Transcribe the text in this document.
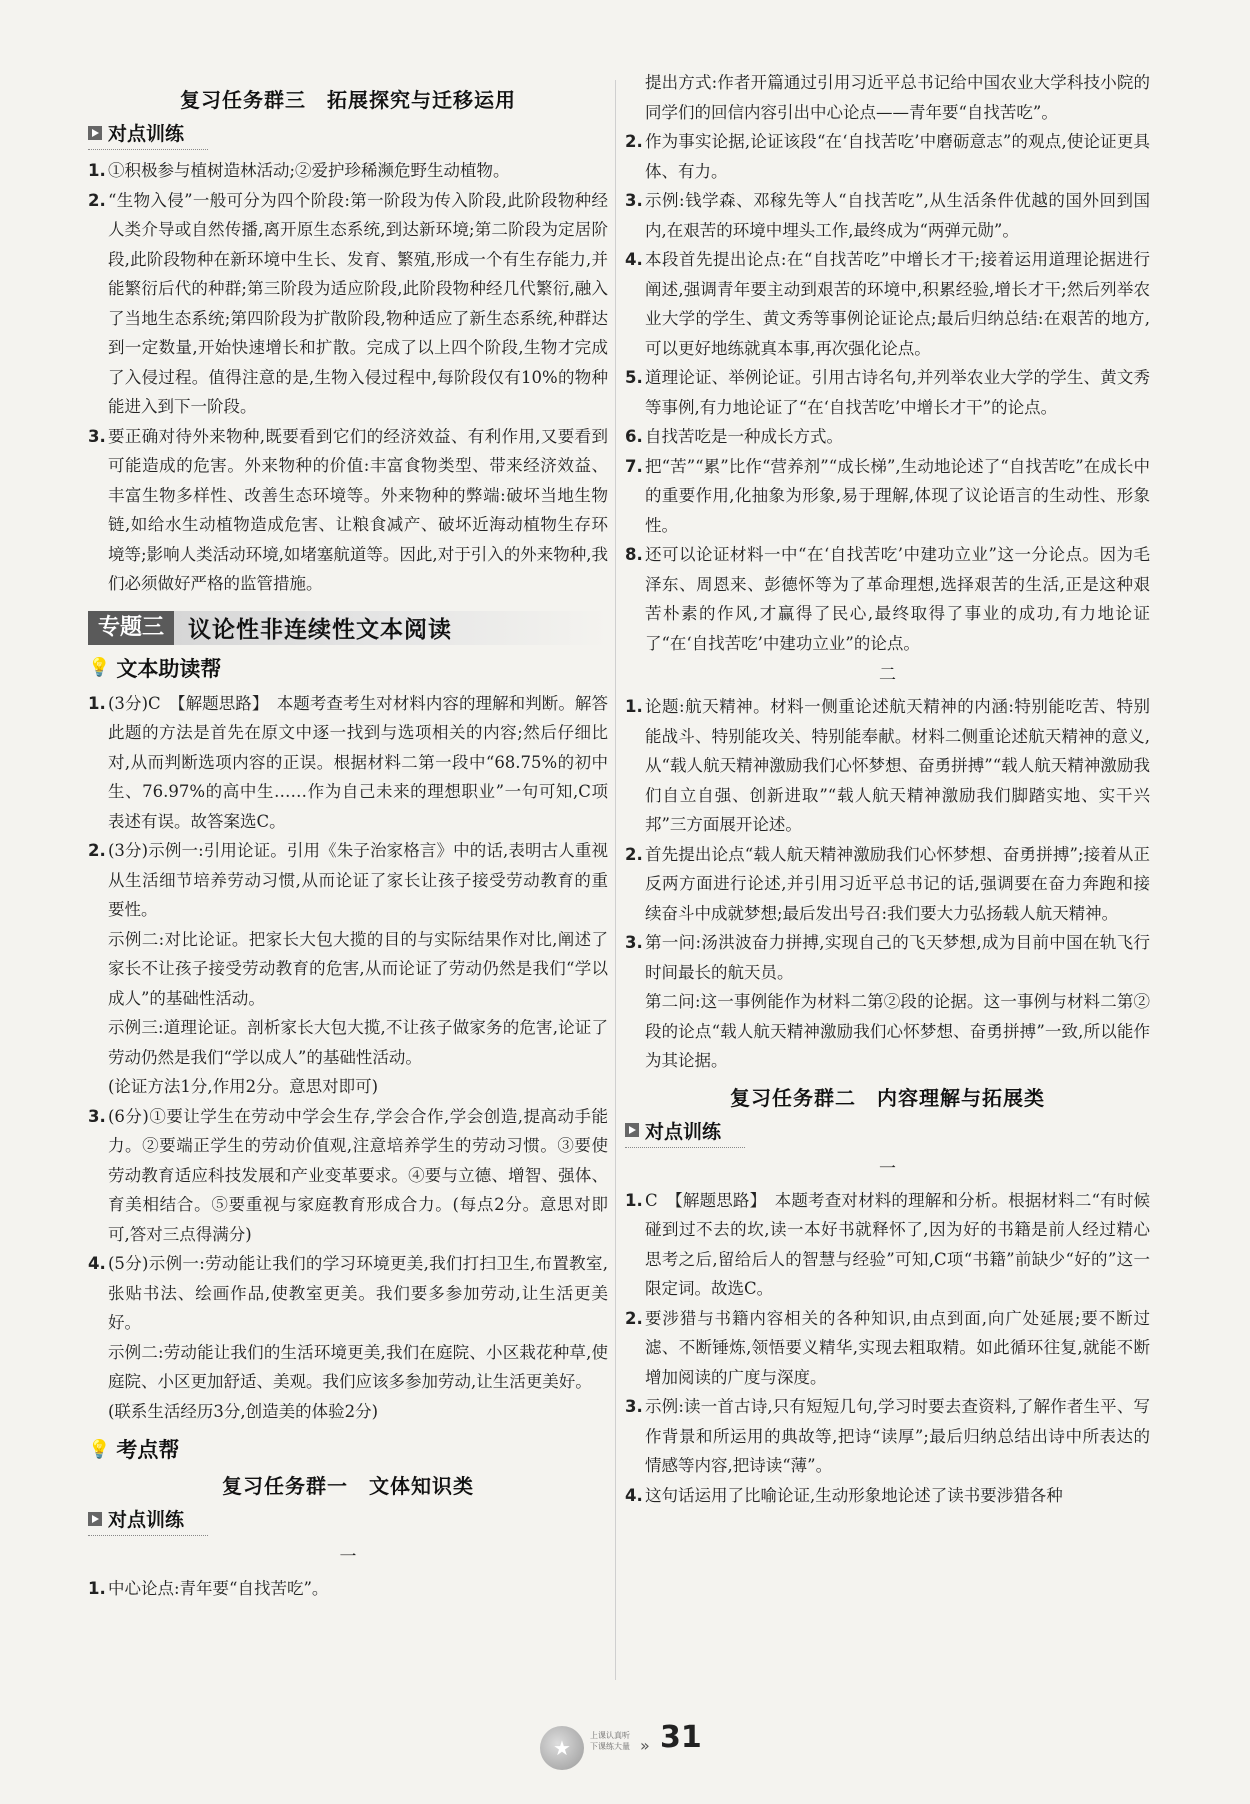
复习任务群三　拓展探究与迁移运用
对点训练
1. ①积极参与植树造林活动;②爱护珍稀濒危野生动植物。

2. “生物入侵”一般可分为四个阶段:第一阶段为传入阶段,此阶段物种经人类介导或自然传播,离开原生态系统,到达新环境;第二阶段为定居阶段,此阶段物种在新环境中生长、发育、繁殖,形成一个有生存能力,并能繁衍后代的种群;第三阶段为适应阶段,此阶段物种经几代繁衍,融入了当地生态系统;第四阶段为扩散阶段,物种适应了新生态系统,种群达到一定数量,开始快速增长和扩散。完成了以上四个阶段,生物才完成了入侵过程。值得注意的是,生物入侵过程中,每阶段仅有10%的物种能进入到下一阶段。

3. 要正确对待外来物种,既要看到它们的经济效益、有利作用,又要看到可能造成的危害。外来物种的价值:丰富食物类型、带来经济效益、丰富生物多样性、改善生态环境等。外来物种的弊端:破坏当地生物链,如给水生动植物造成危害、让粮食减产、破坏近海动植物生存环境等;影响人类活动环境,如堵塞航道等。因此,对于引入的外来物种,我们必须做好严格的监管措施。

专题三	议论性非连续性文本阅读
💡 文本助读帮
1. (3分)C　【解题思路】　本题考查考生对材料内容的理解和判断。解答此题的方法是首先在原文中逐一找到与选项相关的内容;然后仔细比对,从而判断选项内容的正误。根据材料二第一段中“68.75%的初中生、76.97%的高中生……作为自己未来的理想职业”一句可知,C项表述有误。故答案选C。

2. (3分)示例一:引用论证。引用《朱子治家格言》中的话,表明古人重视从生活细节培养劳动习惯,从而论证了家长让孩子接受劳动教育的重要性。

示例二:对比论证。把家长大包大揽的目的与实际结果作对比,阐述了家长不让孩子接受劳动教育的危害,从而论证了劳动仍然是我们“学以成人”的基础性活动。

示例三:道理论证。剖析家长大包大揽,不让孩子做家务的危害,论证了劳动仍然是我们“学以成人”的基础性活动。

(论证方法1分,作用2分。意思对即可)

3. (6分)①要让学生在劳动中学会生存,学会合作,学会创造,提高动手能力。②要端正学生的劳动价值观,注意培养学生的劳动习惯。③要使劳动教育适应科技发展和产业变革要求。④要与立德、增智、强体、育美相结合。⑤要重视与家庭教育形成合力。(每点2分。意思对即可,答对三点得满分)

4. (5分)示例一:劳动能让我们的学习环境更美,我们打扫卫生,布置教室,张贴书法、绘画作品,使教室更美。我们要多参加劳动,让生活更美好。

示例二:劳动能让我们的生活环境更美,我们在庭院、小区栽花种草,使庭院、小区更加舒适、美观。我们应该多参加劳动,让生活更美好。

(联系生活经历3分,创造美的体验2分)

💡 考点帮
复习任务群一　文体知识类
对点训练
一
1. 中心论点:青年要“自找苦吃”。

提出方式:作者开篇通过引用习近平总书记给中国农业大学科技小院的同学们的回信内容引出中心论点——青年要“自找苦吃”。

2. 作为事实论据,论证该段“在‘自找苦吃’中磨砺意志”的观点,使论证更具体、有力。

3. 示例:钱学森、邓稼先等人“自找苦吃”,从生活条件优越的国外回到国内,在艰苦的环境中埋头工作,最终成为“两弹元勋”。

4. 本段首先提出论点:在“自找苦吃”中增长才干;接着运用道理论据进行阐述,强调青年要主动到艰苦的环境中,积累经验,增长才干;然后列举农业大学的学生、黄文秀等事例论证论点;最后归纳总结:在艰苦的地方,可以更好地练就真本事,再次强化论点。

5. 道理论证、举例论证。引用古诗名句,并列举农业大学的学生、黄文秀等事例,有力地论证了“在‘自找苦吃’中增长才干”的论点。

6. 自找苦吃是一种成长方式。

7. 把“苦”“累”比作“营养剂”“成长梯”,生动地论述了“自找苦吃”在成长中的重要作用,化抽象为形象,易于理解,体现了议论语言的生动性、形象性。

8. 还可以论证材料一中“在‘自找苦吃’中建功立业”这一分论点。因为毛泽东、周恩来、彭德怀等为了革命理想,选择艰苦的生活,正是这种艰苦朴素的作风,才赢得了民心,最终取得了事业的成功,有力地论证了“在‘自找苦吃’中建功立业”的论点。

二
1. 论题:航天精神。材料一侧重论述航天精神的内涵:特别能吃苦、特别能战斗、特别能攻关、特别能奉献。材料二侧重论述航天精神的意义,从“载人航天精神激励我们心怀梦想、奋勇拼搏”“载人航天精神激励我们自立自强、创新进取”“载人航天精神激励我们脚踏实地、实干兴邦”三方面展开论述。

2. 首先提出论点“载人航天精神激励我们心怀梦想、奋勇拼搏”;接着从正反两方面进行论述,并引用习近平总书记的话,强调要在奋力奔跑和接续奋斗中成就梦想;最后发出号召:我们要大力弘扬载人航天精神。

3. 第一问:汤洪波奋力拼搏,实现自己的飞天梦想,成为目前中国在轨飞行时间最长的航天员。

第二问:这一事例能作为材料二第②段的论据。这一事例与材料二第②段的论点“载人航天精神激励我们心怀梦想、奋勇拼搏”一致,所以能作为其论据。

复习任务群二　内容理解与拓展类
对点训练
一
1. C　【解题思路】　本题考查对材料的理解和分析。根据材料二“有时候碰到过不去的坎,读一本好书就释怀了,因为好的书籍是前人经过精心思考之后,留给后人的智慧与经验”可知,C项“书籍”前缺少“好的”这一限定词。故选C。

2. 要涉猎与书籍内容相关的各种知识,由点到面,向广处延展;要不断过滤、不断锤炼,领悟要义精华,实现去粗取精。如此循环往复,就能不断增加阅读的广度与深度。

3. 示例:读一首古诗,只有短短几句,学习时要去查资料,了解作者生平、写作背景和所运用的典故等,把诗“读厚”;最后归纳总结出诗中所表达的情感等内容,把诗读“薄”。

4. 这句话运用了比喻论证,生动形象地论述了读书要涉猎各种

★
上课认真听
下课练大量 » 31
